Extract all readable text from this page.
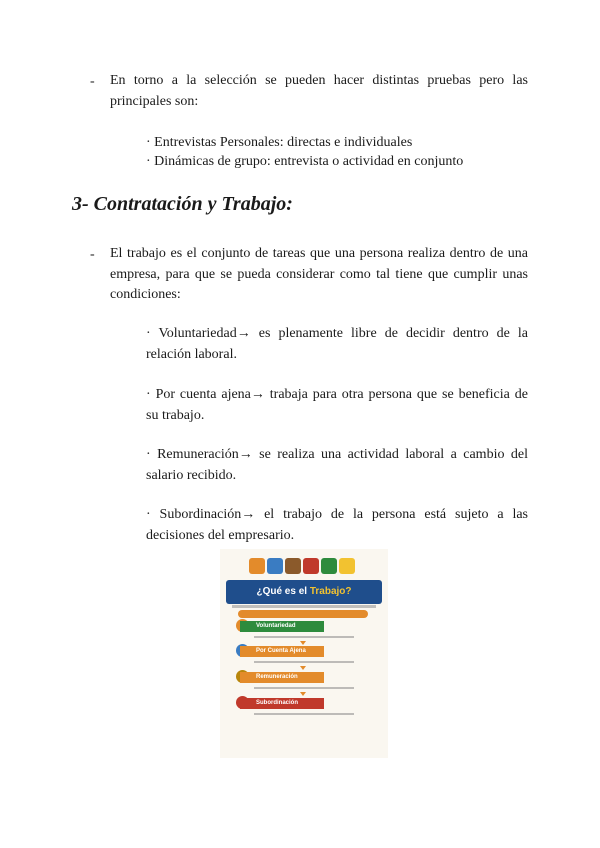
- En torno a la selección se pueden hacer distintas pruebas pero las principales son:
· Entrevistas Personales: directas e individuales
· Dinámicas de grupo: entrevista o actividad en conjunto
3- Contratación y Trabajo:
- El trabajo es el conjunto de tareas que una persona realiza dentro de una empresa, para que se pueda considerar como tal tiene que cumplir unas condiciones:
· Voluntariedad→ es plenamente libre de decidir dentro de la relación laboral.
· Por cuenta ajena→ trabaja para otra persona que se beneficia de su trabajo.
· Remuneración→ se realiza una actividad laboral a cambio del salario recibido.
· Subordinación→ el trabajo de la persona está sujeto a las decisiones del empresario.
¿Qué es el Trabajo?
Voluntariedad
Por Cuenta Ajena
Remuneración
Subordinación
